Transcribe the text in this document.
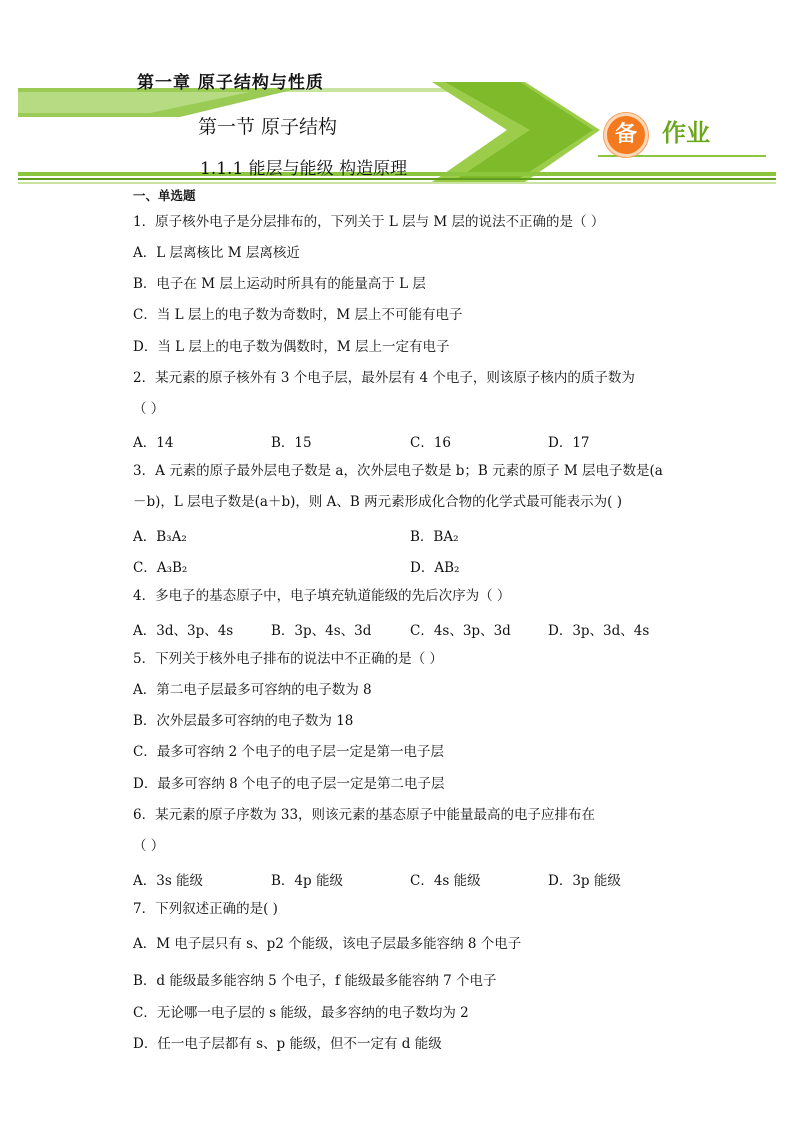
第一章 原子结构与性质
第一节 原子结构
1.1.1 能层与能级 构造原理
备	作业
一、单选题
1．原子核外电子是分层排布的，下列关于 L 层与 M 层的说法不正确的是（ ）
A．L 层离核比 M 层离核近
B．电子在 M 层上运动时所具有的能量高于 L 层
C．当 L 层上的电子数为奇数时，M 层上不可能有电子
D．当 L 层上的电子数为偶数时，M 层上一定有电子
2．某元素的原子核外有 3 个电子层，最外层有 4 个电子，则该原子核内的质子数为
（ ）
A．14	B．15	C．16	D．17
3．A 元素的原子最外层电子数是 a，次外层电子数是 b；B 元素的原子 M 层电子数是(a
－b)，L 层电子数是(a＋b)，则 A、B 两元素形成化合物的化学式最可能表示为( )
A．B₃A₂	B．BA₂
C．A₃B₂	D．AB₂
4．多电子的基态原子中，电子填充轨道能级的先后次序为（ ）
A．3d、3p、4s	B．3p、4s、3d	C．4s、3p、3d	D．3p、3d、4s
5．下列关于核外电子排布的说法中不正确的是（ ）
A．第二电子层最多可容纳的电子数为 8
B．次外层最多可容纳的电子数为 18
C．最多可容纳 2 个电子的电子层一定是第一电子层
D．最多可容纳 8 个电子的电子层一定是第二电子层
6．某元素的原子序数为 33，则该元素的基态原子中能量最高的电子应排布在
（ ）
A．3s 能级	B．4p 能级	C．4s 能级	D．3p 能级
7．下列叙述正确的是( )
A．M 电子层只有 s、p2 个能级，该电子层最多能容纳 8 个电子
B．d 能级最多能容纳 5 个电子，f 能级最多能容纳 7 个电子
C．无论哪一电子层的 s 能级，最多容纳的电子数均为 2
D．任一电子层都有 s、p 能级，但不一定有 d 能级
